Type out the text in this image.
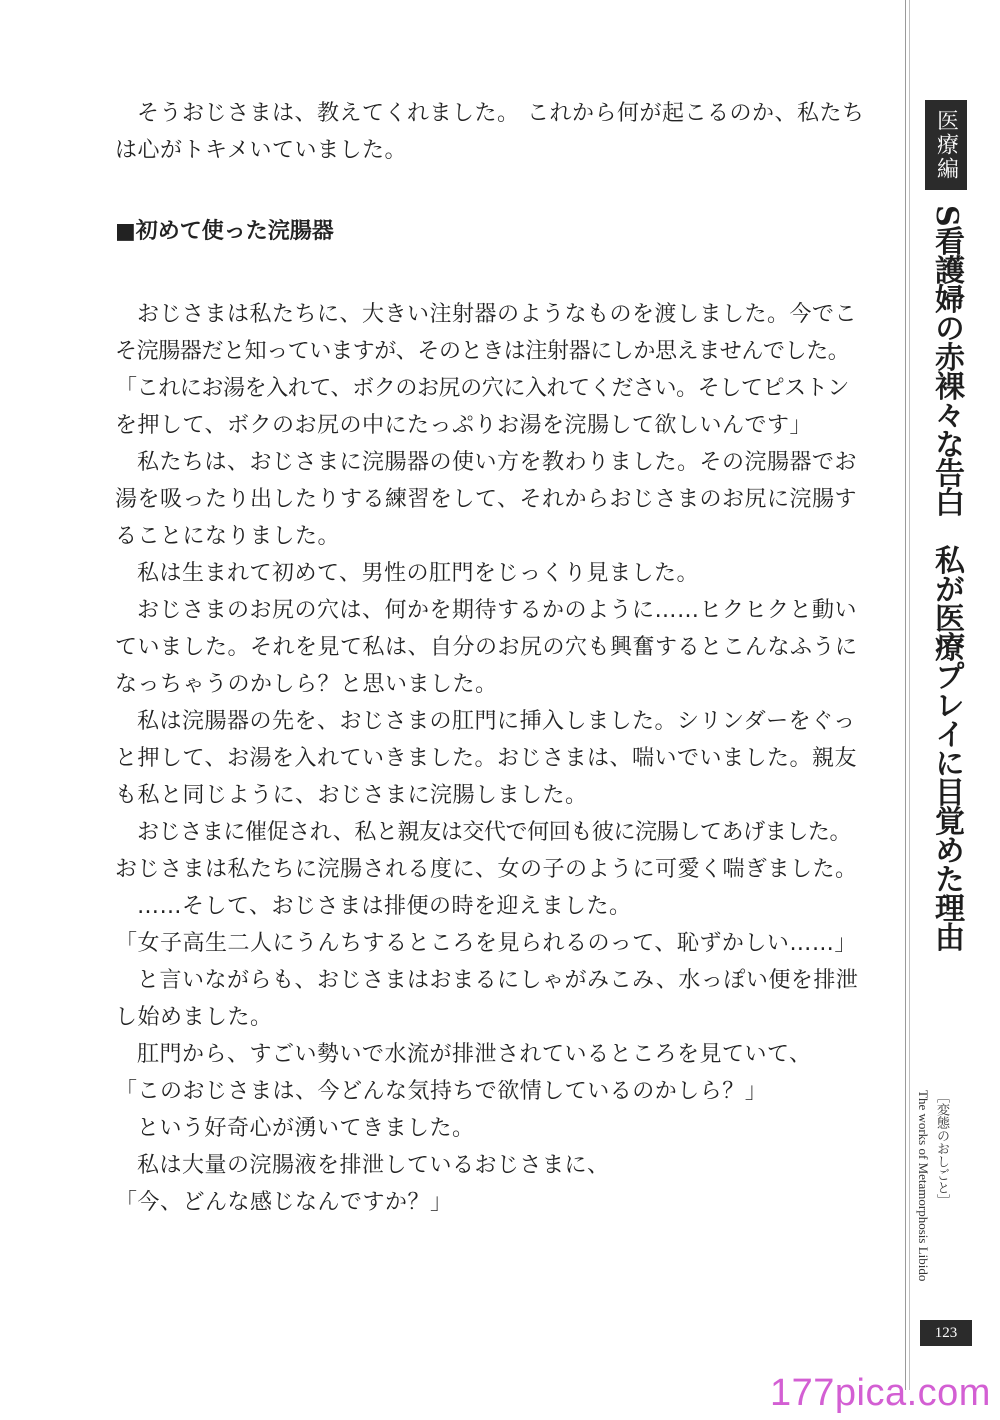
そうおじさまは、教えてくれました。 これから何が起こるのか、私たち
は心がトキメいていました。
■初めて使った浣腸器
おじさまは私たちに、大きい注射器のようなものを渡しました。今でこ
そ浣腸器だと知っていますが、そのときは注射器にしか思えませんでした。
「これにお湯を入れて、ボクのお尻の穴に入れてください。そしてピストン
を押して、ボクのお尻の中にたっぷりお湯を浣腸して欲しいんです」
私たちは、おじさまに浣腸器の使い方を教わりました。その浣腸器でお
湯を吸ったり出したりする練習をして、それからおじさまのお尻に浣腸す
ることになりました。
私は生まれて初めて、男性の肛門をじっくり見ました。
おじさまのお尻の穴は、何かを期待するかのように……ヒクヒクと動い
ていました。それを見て私は、自分のお尻の穴も興奮するとこんなふうに
なっちゃうのかしら？と思いました。
私は浣腸器の先を、おじさまの肛門に挿入しました。シリンダーをぐっ
と押して、お湯を入れていきました。おじさまは、喘いでいました。親友
も私と同じように、おじさまに浣腸しました。
おじさまに催促され、私と親友は交代で何回も彼に浣腸してあげました。
おじさまは私たちに浣腸される度に、女の子のように可愛く喘ぎました。
……そして、おじさまは排便の時を迎えました。
「女子高生二人にうんちするところを見られるのって、恥ずかしい……」
と言いながらも、おじさまはおまるにしゃがみこみ、水っぽい便を排泄
し始めました。
肛門から、すごい勢いで水流が排泄されているところを見ていて、
「このおじさまは、今どんな気持ちで欲情しているのかしら？」
という好奇心が湧いてきました。
私は大量の浣腸液を排泄しているおじさまに、
「今、どんな感じなんですか？」
医療編
S看護婦の赤裸々な告白　私が医療プレイに目覚めた理由
［変態のおしごと］
The works of Metamorphosis Libido
123
177pica.com
